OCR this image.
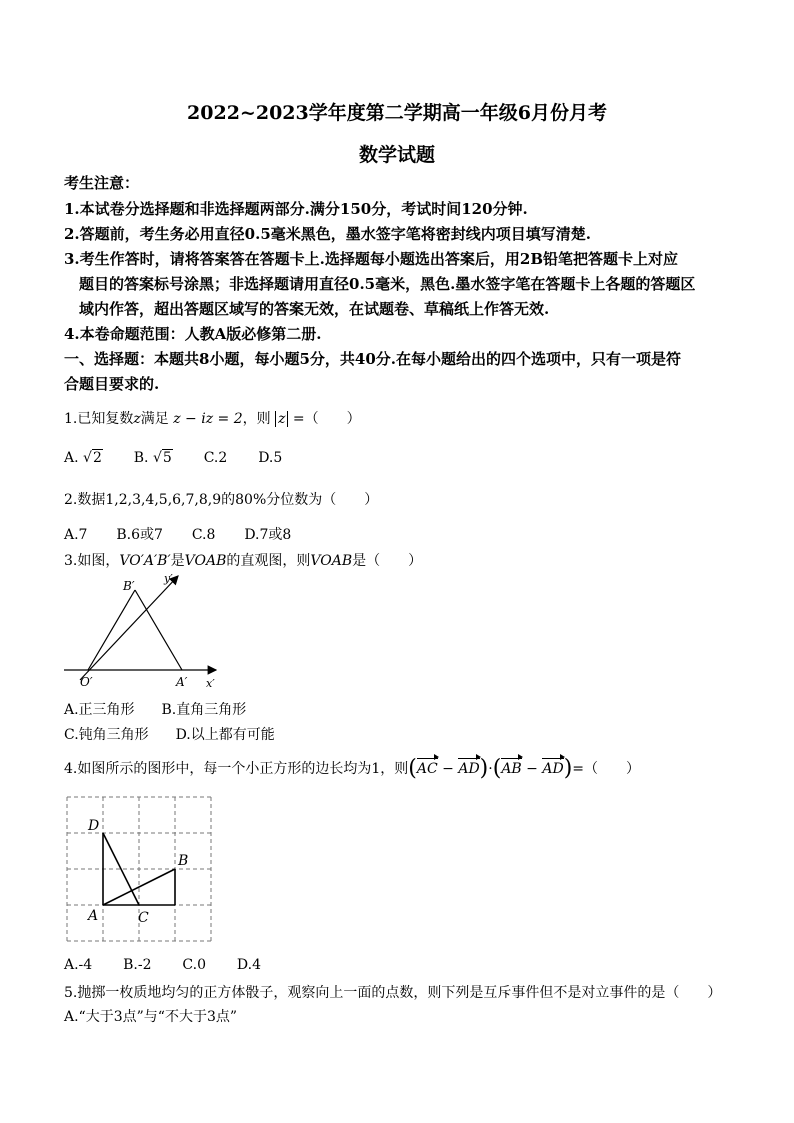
2022~2023学年度第二学期高一年级6月份月考
数学试题
考生注意：
1.本试卷分选择题和非选择题两部分.满分150分，考试时间120分钟.
2.答题前，考生务必用直径0.5毫米黑色，墨水签字笔将密封线内项目填写清楚.
3.考生作答时，请将答案答在答题卡上.选择题每小题选出答案后，用2B铅笔把答题卡上对应
题目的答案标号涂黑；非选择题请用直径0.5毫米，黑色.墨水签字笔在答题卡上各题的答题区
域内作答，超出答题区域写的答案无效，在试题卷、草稿纸上作答无效.
4.本卷命题范围：人教A版必修第二册.
一、选择题：本题共8小题，每小题5分，共40分.在每小题给出的四个选项中，只有一项是符
合题目要求的.
1.已知复数z满足 z − iz = 2，则 z =（　　）
A. √2 B. √5 C.2 D.5
2.数据1,2,3,4,5,6,7,8,9的80%分位数为（　　）
A.7 B.6或7 C.8 D.7或8
3.如图，VO′A′B′是VOAB的直观图，则VOAB是（　　）
B′
y′
O′	A′ x′
A.正三角形 B.直角三角形
C.钝角三角形 D.以上都有可能
4.如图所示的图形中，每一个小正方形的边长均为1，则(AC − AD)·(AB − AD)=（　　）
D
B
A	C
A.-4 B.-2 C.0 D.4
5.抛掷一枚质地均匀的正方体骰子，观察向上一面的点数，则下列是互斥事件但不是对立事件的是（　　）
A.“大于3点”与“不大于3点”
